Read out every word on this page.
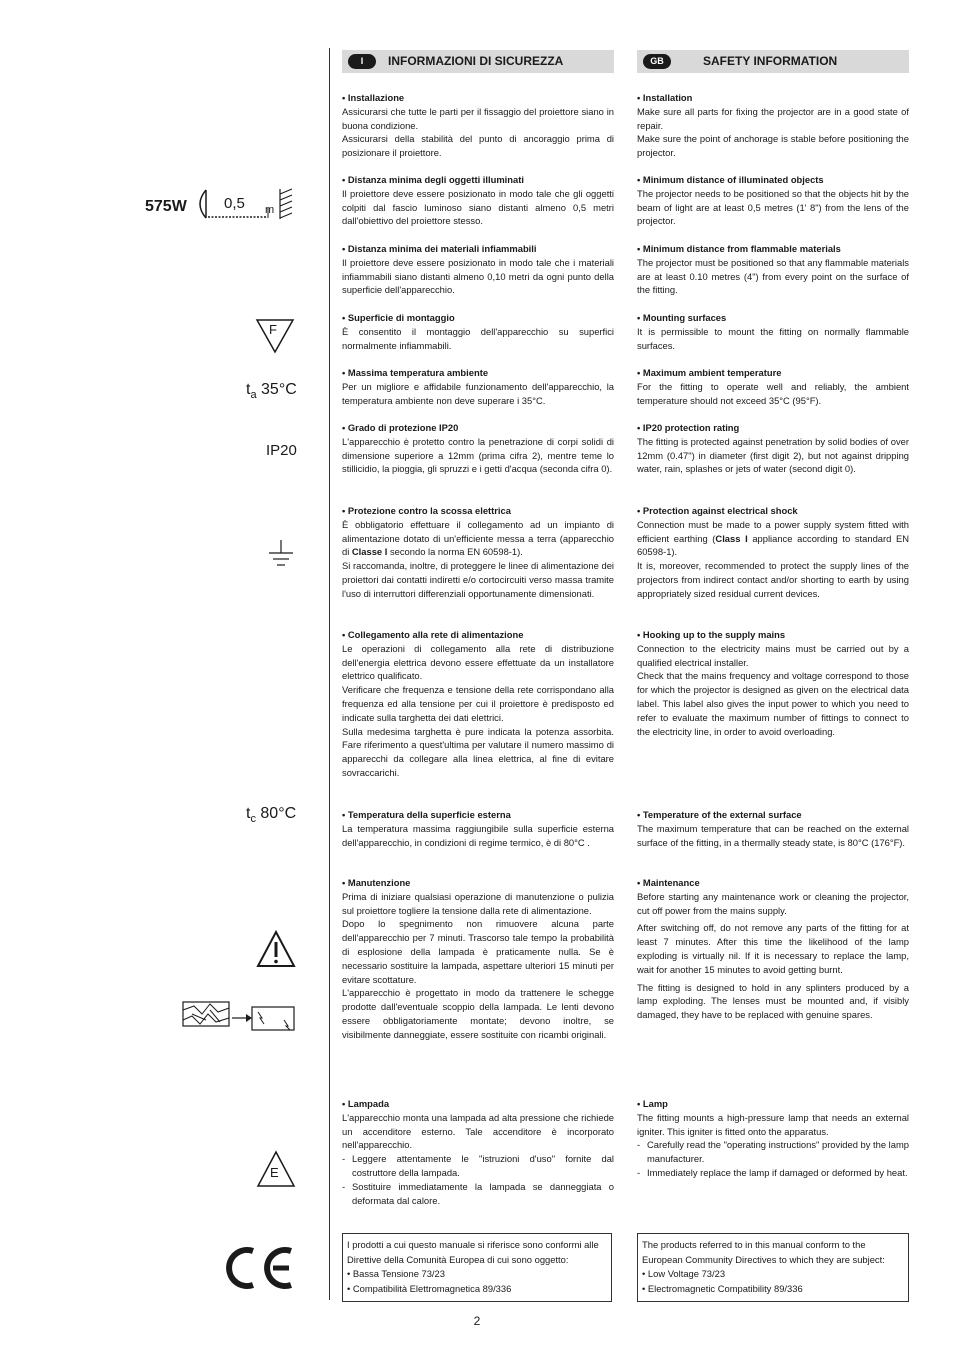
575W 0,5 m
F
$t_a$ 35°C
IP20
$t_c$ 80°C
E
I	INFORMAZIONI DI SICUREZZA	GB	SAFETY INFORMATION
• Installazione

Assicurarsi che tutte le parti per il fissaggio del proiettore siano in buona condizione.

Assicurarsi della stabilità del punto di ancoraggio prima di posizionare il proiettore.

• Distanza minima degli oggetti illuminati

Il proiettore deve essere posizionato in modo tale che gli oggetti colpiti dal fascio luminoso siano distanti almeno 0,5 metri dall'obiettivo del proiettore stesso.

• Distanza minima dei materiali infiammabili

Il proiettore deve essere posizionato in modo tale che i materiali infiammabili siano distanti almeno 0,10 metri da ogni punto della superficie dell'apparecchio.

• Superficie di montaggio

È consentito il montaggio dell'apparecchio su superfici normalmente infiammabili.

• Massima temperatura ambiente

Per un migliore e affidabile funzionamento dell'apparecchio, la temperatura ambiente non deve superare i 35°C.

• Grado di protezione IP20

L'apparecchio è protetto contro la penetrazione di corpi solidi di dimensione superiore a 12mm (prima cifra 2), mentre teme lo stillicidio, la pioggia, gli spruzzi e i getti d'acqua (seconda cifra 0).

• Protezione contro la scossa elettrica

È obbligatorio effettuare il collegamento ad un impianto di alimentazione dotato di un'efficiente messa a terra (apparecchio di Classe I secondo la norma EN 60598-1).

Si raccomanda, inoltre, di proteggere le linee di alimentazione dei proiettori dai contatti indiretti e/o cortocircuiti verso massa tramite l'uso di interruttori differenziali opportunamente dimensionati.

• Collegamento alla rete di alimentazione

Le operazioni di collegamento alla rete di distribuzione dell'energia elettrica devono essere effettuate da un installatore elettrico qualificato.

Verificare che frequenza e tensione della rete corrispondano alla frequenza ed alla tensione per cui il proiettore è predisposto ed indicate sulla targhetta dei dati elettrici.

Sulla medesima targhetta è pure indicata la potenza assorbita. Fare riferimento a quest'ultima per valutare il numero massimo di apparecchi da collegare alla linea elettrica, al fine di evitare sovraccarichi.

• Temperatura della superficie esterna

La temperatura massima raggiungibile sulla superficie esterna dell'apparecchio, in condizioni di regime termico, è di 80°C .

• Manutenzione

Prima di iniziare qualsiasi operazione di manutenzione o pulizia sul proiettore togliere la tensione dalla rete di alimentazione.

Dopo lo spegnimento non rimuovere alcuna parte dell'apparecchio per 7 minuti. Trascorso tale tempo la probabilità di esplosione della lampada è praticamente nulla. Se è necessario sostituire la lampada, aspettare ulteriori 15 minuti per evitare scottature.

L'apparecchio è progettato in modo da trattenere le schegge prodotte dall'eventuale scoppio della lampada. Le lenti devono essere obbligatoriamente montate; devono inoltre, se visibilmente danneggiate, essere sostituite con ricambi originali.

• Lampada

L'apparecchio monta una lampada ad alta pressione che richiede un accenditore esterno. Tale accenditore è incorporato nell'apparecchio.

- Leggere attentamente le "istruzioni d'uso" fornite dal costruttore della lampada.
- Sostituire immediatamente la lampada se danneggiata o deformata dal calore.

I prodotti a cui questo manuale si riferisce sono conformi alle Direttive della Comunità Europea di cui sono oggetto:

• Bassa Tensione 73/23

• Compatibilità Elettromagnetica 89/336

• Installation

Make sure all parts for fixing the projector are in a good state of repair.

Make sure the point of anchorage is stable before positioning the projector.

• Minimum distance of illuminated objects

The projector needs to be positioned so that the objects hit by the beam of light are at least 0,5 metres (1' 8") from the lens of the projector.

• Minimum distance from flammable materials

The projector must be positioned so that any flammable materials are at least 0.10 metres (4") from every point on the surface of the fitting.

• Mounting surfaces

It is permissible to mount the fitting on normally flammable surfaces.

• Maximum ambient temperature

For the fitting to operate well and reliably, the ambient temperature should not exceed 35°C (95°F).

• IP20 protection rating

The fitting is protected against penetration by solid bodies of over 12mm (0.47") in diameter (first digit 2), but not against dripping water, rain, splashes or jets of water (second digit 0).

• Protection against electrical shock

Connection must be made to a power supply system fitted with efficient earthing (Class I appliance according to standard EN 60598-1).

It is, moreover, recommended to protect the supply lines of the projectors from indirect contact and/or shorting to earth by using appropriately sized residual current devices.

• Hooking up to the supply mains

Connection to the electricity mains must be carried out by a qualified electrical installer.

Check that the mains frequency and voltage correspond to those for which the projector is designed as given on the electrical data label. This label also gives the input power to which you need to refer to evaluate the maximum number of fittings to connect to the electricity line, in order to avoid overloading.

• Temperature of the external surface

The maximum temperature that can be reached on the external surface of the fitting, in a thermally steady state, is 80°C (176°F).

• Maintenance

Before starting any maintenance work or cleaning the projector, cut off power from the mains supply.

After switching off, do not remove any parts of the fitting for at least 7 minutes. After this time the likelihood of the lamp exploding is virtually nil. If it is necessary to replace the lamp, wait for another 15 minutes to avoid getting burnt.

The fitting is designed to hold in any splinters produced by a lamp exploding. The lenses must be mounted and, if visibly damaged, they have to be replaced with genuine spares.

• Lamp

The fitting mounts a high-pressure lamp that needs an external igniter. This igniter is fitted onto the apparatus.

- Carefully read the "operating instructions" provided by the lamp manufacturer.
- Immediately replace the lamp if damaged or deformed by heat.

The products referred to in this manual conform to the European Community Directives to which they are subject:

• Low Voltage 73/23

• Electromagnetic Compatibility 89/336

2
